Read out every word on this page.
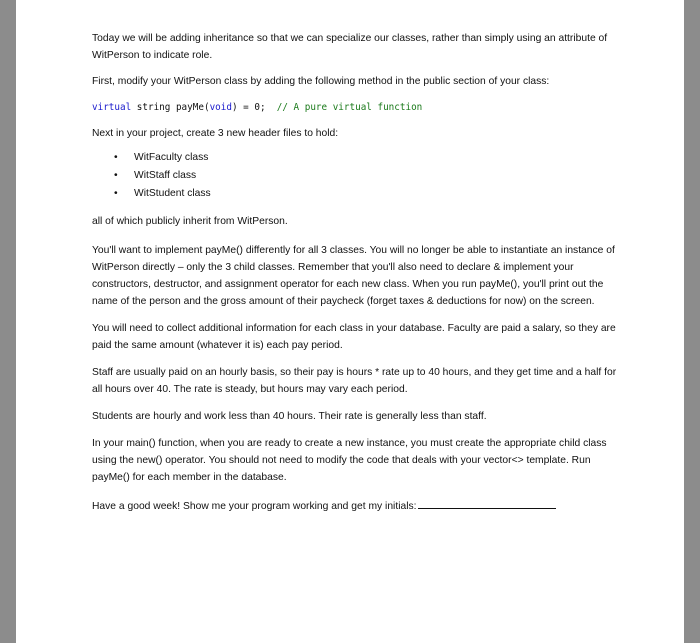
Today we will be adding inheritance so that we can specialize our classes, rather than simply using an attribute of WitPerson to indicate role.

First, modify your WitPerson class by adding the following method in the public section of your class:

virtual string payMe(void) = 0;  // A pure virtual function

Next in your project, create 3 new header files to hold:

• WitFaculty class
• WitStaff class
• WitStudent class

all of which publicly inherit from WitPerson.

You'll want to implement payMe() differently for all 3 classes. You will no longer be able to instantiate an instance of WitPerson directly – only the 3 child classes. Remember that you'll also need to declare & implement your constructors, destructor, and assignment operator for each new class. When you run payMe(), you'll print out the name of the person and the gross amount of their paycheck (forget taxes & deductions for now) on the screen.

You will need to collect additional information for each class in your database. Faculty are paid a salary, so they are paid the same amount (whatever it is) each pay period.

Staff are usually paid on an hourly basis, so their pay is hours * rate up to 40 hours, and they get time and a half for all hours over 40. The rate is steady, but hours may vary each period.

Students are hourly and work less than 40 hours. Their rate is generally less than staff.

In your main() function, when you are ready to create a new instance, you must create the appropriate child class using the new() operator. You should not need to modify the code that deals with your vector<> template. Run payMe() for each member in the database.

Have a good week! Show me your program working and get my initials:
